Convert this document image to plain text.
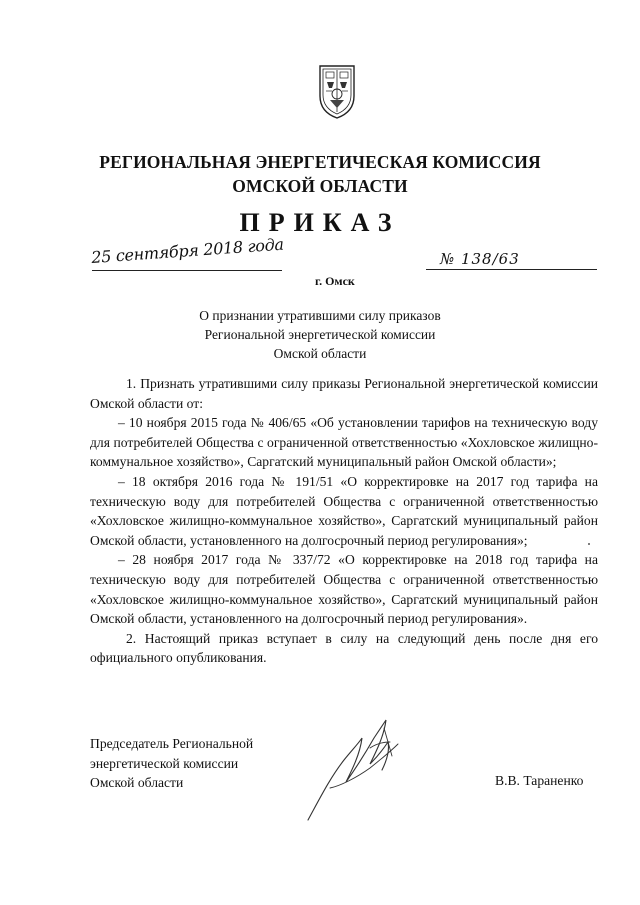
РЕГИОНАЛЬНАЯ ЭНЕРГЕТИЧЕСКАЯ КОМИССИЯ
ОМСКОЙ ОБЛАСТИ
ПРИКАЗ
25 сентября 2018 года
г. Омск
№ 138/63
О признании утратившими силу приказов
Региональной энергетической комиссии
Омской области

1. Признать утратившими силу приказы Региональной энергетической комиссии Омской области от:

– 10 ноября 2015 года № 406/65 «Об установлении тарифов на техническую воду для потребителей Общества с ограниченной ответственностью «Хохловское жилищно-коммунальное хозяйство», Саргатский муниципальный район Омской области»;

– 18 октября 2016 года № 191/51 «О корректировке на 2017 год тарифа на техническую воду для потребителей Общества с ограниченной ответственностью «Хохловское жилищно-коммунальное хозяйство», Саргатский муниципальный район Омской области, установленного на долгосрочный период регулирования»;

– 28 ноября 2017 года № 337/72 «О корректировке на 2018 год тарифа на техническую воду для потребителей Общества с ограниченной ответственностью «Хохловское жилищно-коммунальное хозяйство», Саргатский муниципальный район Омской области, установленного на долгосрочный период регулирования».

2. Настоящий приказ вступает в силу на следующий день после дня его официального опубликования.

Председатель Региональной
энергетической комиссии
Омской области	В.В. Тараненко
